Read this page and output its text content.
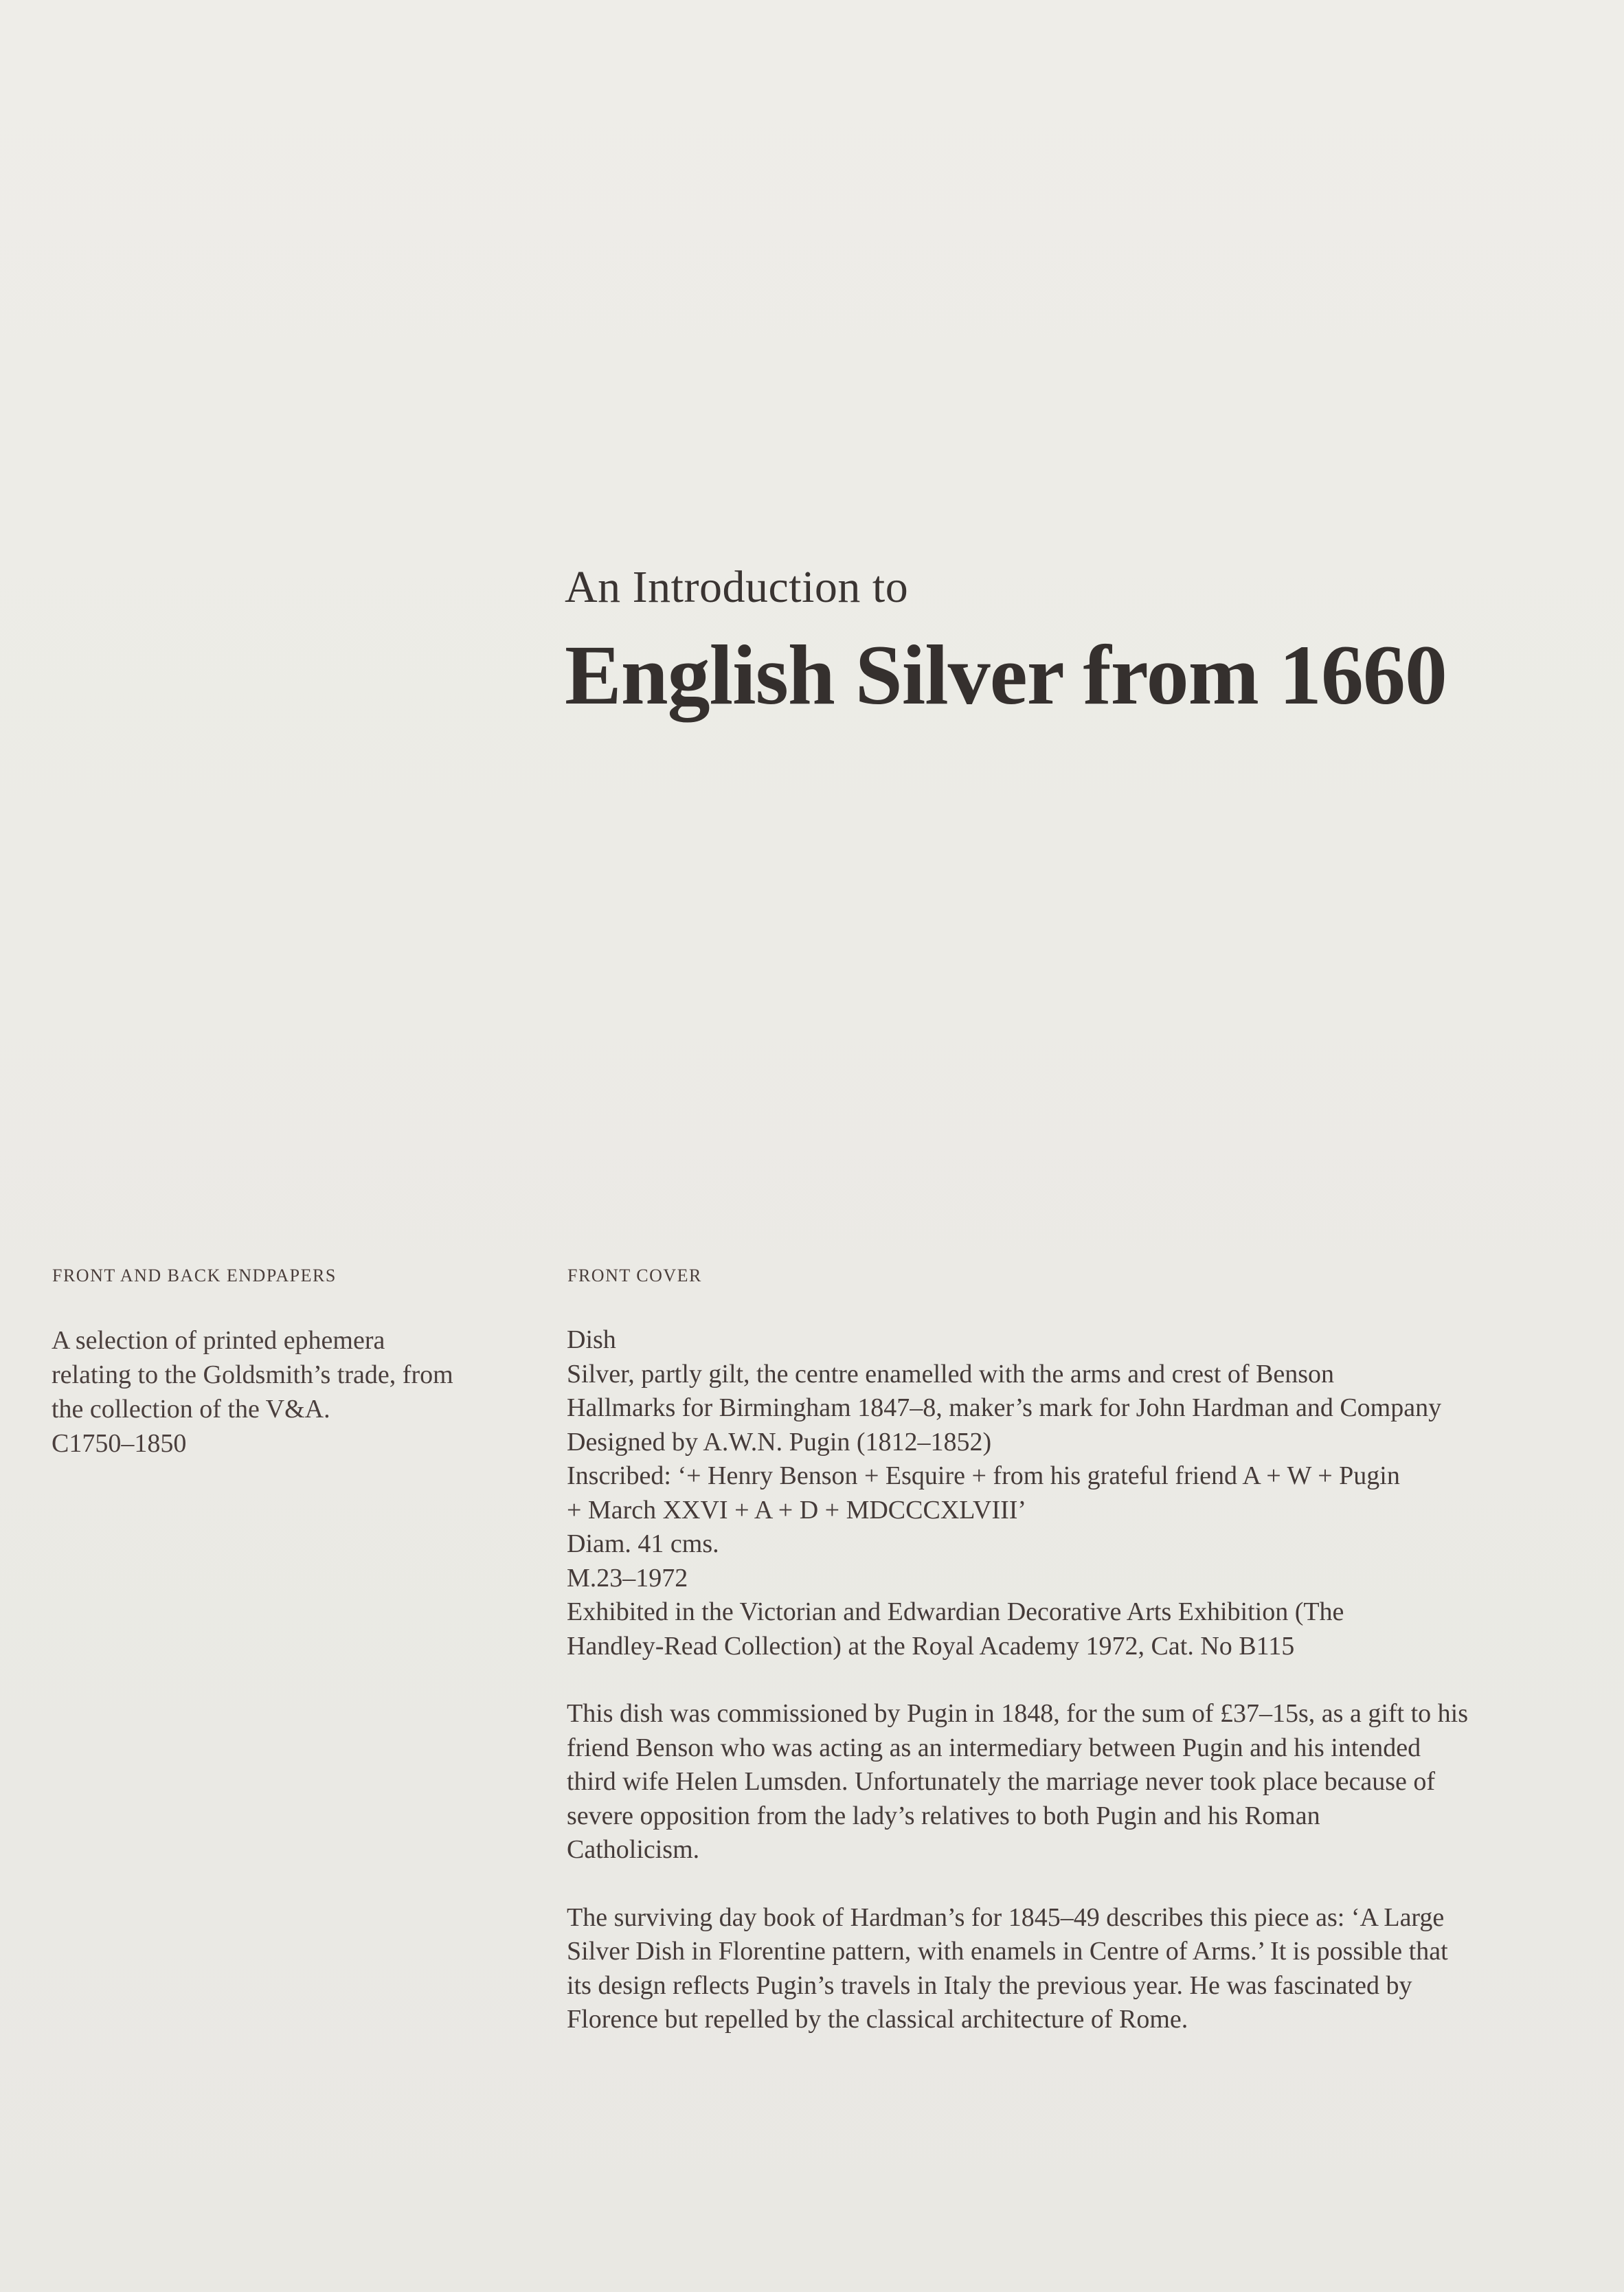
An Introduction to

English Silver from 1660
FRONT AND BACK ENDPAPERS	FRONT COVER

A selection of printed ephemera

relating to the Goldsmith’s trade, from

the collection of the V&A.

C1750–1850

Dish
Silver, partly gilt, the centre enamelled with the arms and crest of Benson
Hallmarks for Birmingham 1847–8, maker’s mark for John Hardman and Company
Designed by A.W.N. Pugin (1812–1852)
Inscribed: ‘+ Henry Benson + Esquire + from his grateful friend A + W + Pugin
+ March XXVI + A + D + MDCCCXLVIII’
Diam. 41 cms.
M.23–1972
Exhibited in the Victorian and Edwardian Decorative Arts Exhibition (The
Handley-Read Collection) at the Royal Academy 1972, Cat. No B115
This dish was commissioned by Pugin in 1848, for the sum of £37–15s, as a gift to his
friend Benson who was acting as an intermediary between Pugin and his intended
third wife Helen Lumsden. Unfortunately the marriage never took place because of
severe opposition from the lady’s relatives to both Pugin and his Roman
Catholicism.
The surviving day book of Hardman’s for 1845–49 describes this piece as: ‘A Large
Silver Dish in Florentine pattern, with enamels in Centre of Arms.’ It is possible that
its design reflects Pugin’s travels in Italy the previous year. He was fascinated by
Florence but repelled by the classical architecture of Rome.
